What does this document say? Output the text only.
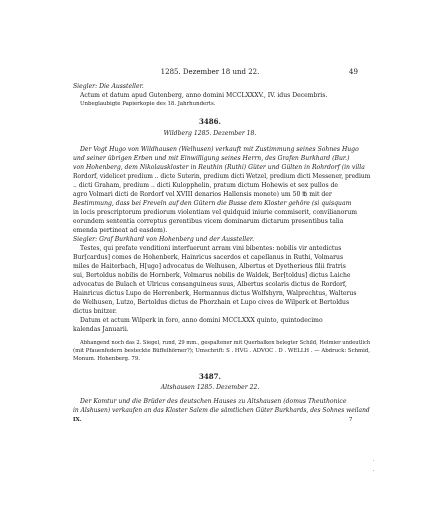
1285. Dezember 18 und 22.	49
Siegler: Die Aussteller.
Actum et datum apud Gutenberg, anno domini MCCLXXXV., IV. idus Decembris.
Unbeglaubigte Papierkopie des 18. Jahrhunderts.
3486.
Wildberg 1285. Dezember 18.
Der Vogt Hugo von Wildhausen (Welhusen) verkauft mit Zustimmung seines Sohnes Hugo
und seiner übrigen Erben und mit Einwilligung seines Herrn, des Grafen Burkhard (Bur.)
von Hohenberg, dem Nikolauskloster in Reuthin (Ruthi) Güter und Gülten in Rohrdorf (in villa
Rordorf, videlicet predium .. dicte Suterin, predium dicti Wetzel, predium dicti Messener, predium
.. dicti Graham, predium .. dicti Kulopphelin, pratum dictum Hohewis et sex pullos de
agro Volmari dicti de Rordorf vel XVIII denarios Hallensis monete) um 50 ℔ mit der
Bestimmung, dass bei Freveln auf den Gütern die Busse dem Kloster gehöre (si quisquam
in locis prescriptorum prediorum violentiam vel quidquid iniurie commiserit, convilianorum
eorundem sententia correptus gerentibus vicem dominarum dictarum presentibus talia
emenda pertineat ad easdem).
Siegler: Graf Burkhard von Hohenberg und der Aussteller.
Testes, qui prefate venditioni interfuerunt arram vini bibentes: nobilis vir antedictus
Bur[cardus] comes de Hohenberk, Hainricus sacerdos et capellanus in Ruthi, Volmarus
miles de Haiterbach, H[ugo] advocatus de Welhusen, Albertus et Dyetherieus filii fratris
sui, Bertoldus nobilis de Hornberk, Volmarus nobilis de Waldek, Ber[toldus] dictus Laiche
advocatus de Bulach et Ulricus consanguineus suus, Albertus scolaris dictus de Rordorf,
Hainricus dictus Lupo de Herrenberk, Hermannus dictus Wolfshyrn, Walprechtus, Walterus
de Welhusen, Lutzo, Bertoldus dictus de Phorzhain et Lupo cives de Wilperk et Bertoldus
dictus bnitzer.
Datum et actum Wilperk in foro, anno domini MCCLXXX quinto, quintodecimo
kalendas Januarii.
Abhangend noch das 2. Siegel, rund, 29 mm., gespaltener mit Querbalken belegter Schild, Helmier undeutlich
(mit Pfauenfedern besteckte Büffelhörner?); Umschrift: S . HVG . ADVOC . D . WELLH . — Abdruck: Schmid,
Monum. Hohenberg. 79.
3487.
Altshausen 1285. Dezember 22.
Der Komtur und die Brüder des deutschen Hauses zu Altshausen (domus Theuthonice
in Alshusen) verkaufen an das Kloster Salem die sämtlichen Güter Burkhards, des Sohnes weiland
IX.	7
